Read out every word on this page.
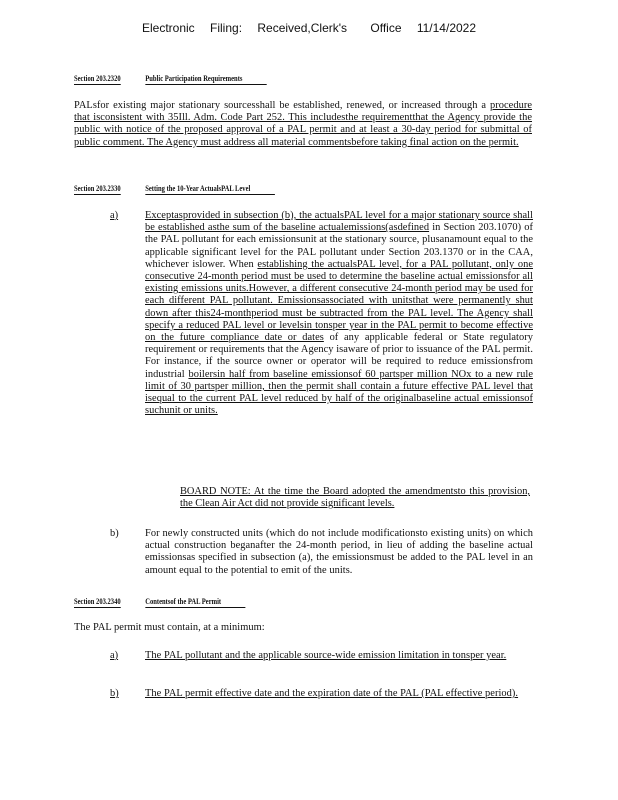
Electronic Filing: Received,Clerk's Office 11/14/2022
Section 203.2320	Public Participation Requirements
PALsfor existing major stationary sourcesshall be established, renewed, or increased through a procedure that isconsistent with 35Ill. Adm. Code Part 252. This includesthe requirementthat the Agency provide the public with notice of the proposed approval of a PAL permit and at least a 30-day period for submittal of public comment. The Agency must address all material commentsbefore taking final action on the permit.
Section 203.2330	Setting the 10-Year ActualsPAL Level
a)	Exceptasprovided in subsection (b), the actualsPAL level for a major stationary source shall be established asthe sum of the baseline actualemissions(asdefined in Section 203.1070) of the PAL pollutant for each emissionsunit at the stationary source, plusanamount equal to the applicable significant level for the PAL pollutant under Section 203.1370 or in the CAA, whichever islower. When establishing the actualsPAL level, for a PAL pollutant, only one consecutive 24-month period must be used to determine the baseline actual emissionsfor all existing emissions units.However, a different consecutive 24-month period may be used for each different PAL pollutant. Emissionsassociated with unitsthat were permanently shut down after this24-monthperiod must be subtracted from the PAL level. The Agency shall specify a reduced PAL level or levelsin tonsper year in the PAL permit to become effective on the future compliance date or dates of any applicable federal or State regulatory requirement or requirements that the Agency isaware of prior to issuance of the PAL permit. For instance, if the source owner or operator will be required to reduce emissionsfrom industrial boilersin half from baseline emissionsof 60 partsper million NOx to a new rule limit of 30 partsper million, then the permit shall contain a future effective PAL level that isequal to the current PAL level reduced by half of the originalbaseline actual emissionsof suchunit or units.
BOARD NOTE: At the time the Board adopted the amendmentsto this provision, the Clean Air Act did not provide significant levels.
b)	For newly constructed units (which do not include modificationsto existing units) on which actual construction beganafter the 24-month period, in lieu of adding the baseline actual emissionsas specified in subsection (a), the emissionsmust be added to the PAL level in an amount equal to the potential to emit of the units.
Section 203.2340	Contentsof the PAL Permit
The PAL permit must contain, at a minimum:
a)	The PAL pollutant and the applicable source-wide emission limitation in tonsper year.
b)	The PAL permit effective date and the expiration date of the PAL (PAL effective period).
